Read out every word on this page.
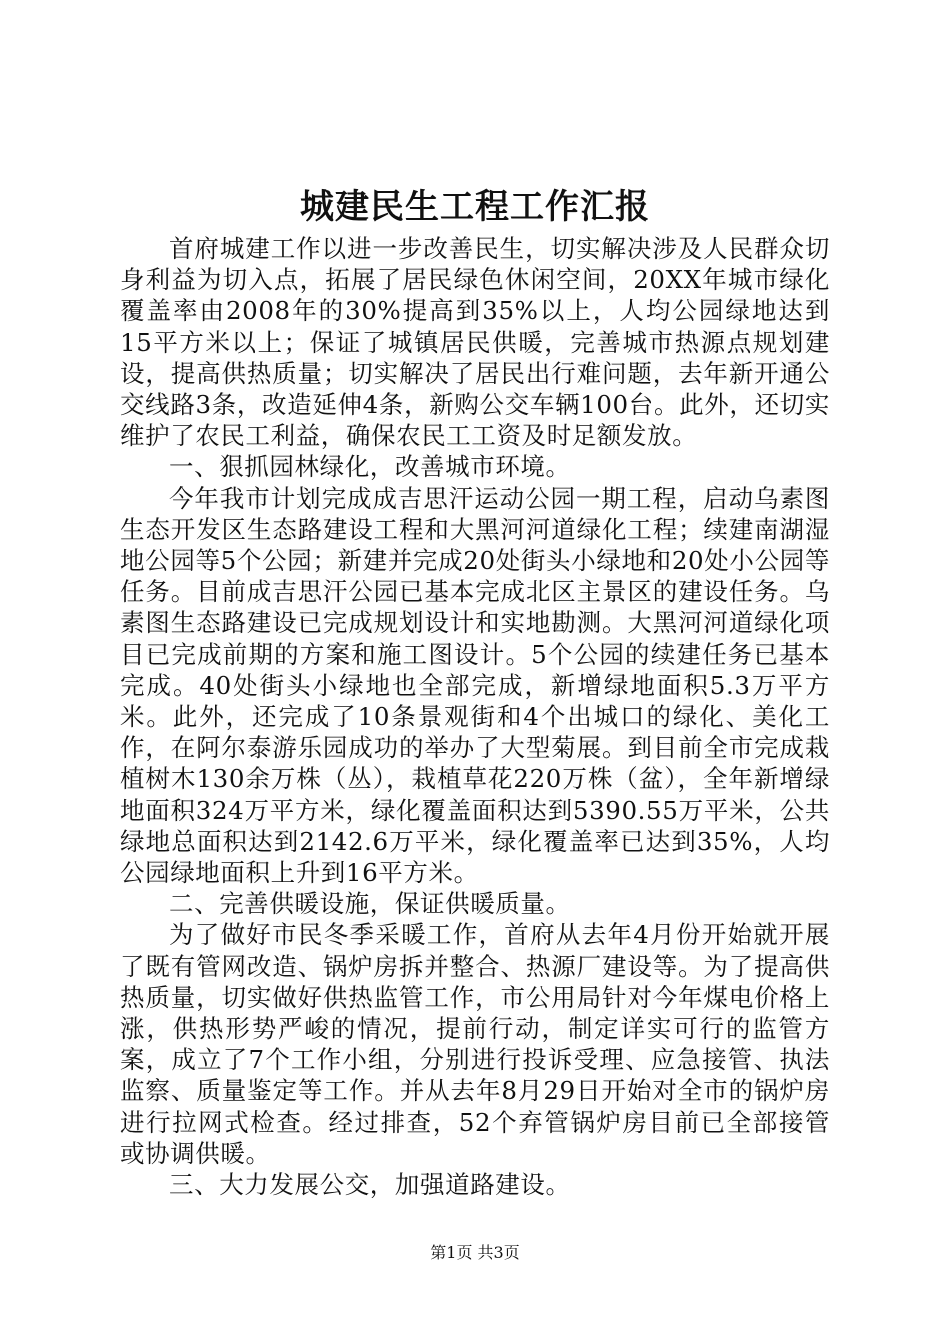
城建民生工程工作汇报

首府城建工作以进一步改善民生，切实解决涉及人民群众切身利益为切入点，拓展了居民绿色休闲空间，20XX年城市绿化覆盖率由2008年的30%提高到35%以上，人均公园绿地达到15平方米以上；保证了城镇居民供暖，完善城市热源点规划建设，提高供热质量；切实解决了居民出行难问题，去年新开通公交线路3条，改造延伸4条，新购公交车辆100台。此外，还切实维护了农民工利益，确保农民工工资及时足额发放。

一、狠抓园林绿化，改善城市环境。

今年我市计划完成成吉思汗运动公园一期工程，启动乌素图生态开发区生态路建设工程和大黑河河道绿化工程；续建南湖湿地公园等5个公园；新建并完成20处街头小绿地和20处小公园等任务。目前成吉思汗公园已基本完成北区主景区的建设任务。乌素图生态路建设已完成规划设计和实地勘测。大黑河河道绿化项目已完成前期的方案和施工图设计。5个公园的续建任务已基本完成。40处街头小绿地也全部完成，新增绿地面积5.3万平方米。此外，还完成了10条景观街和4个出城口的绿化、美化工作，在阿尔泰游乐园成功的举办了大型菊展。到目前全市完成栽植树木130余万株（丛），栽植草花220万株（盆），全年新增绿地面积324万平方米，绿化覆盖面积达到5390.55万平米，公共绿地总面积达到2142.6万平米，绿化覆盖率已达到35%，人均公园绿地面积上升到16平方米。

二、完善供暖设施，保证供暖质量。

为了做好市民冬季采暖工作，首府从去年4月份开始就开展了既有管网改造、锅炉房拆并整合、热源厂建设等。为了提高供热质量，切实做好供热监管工作，市公用局针对今年煤电价格上涨，供热形势严峻的情况，提前行动，制定详实可行的监管方案，成立了7个工作小组，分别进行投诉受理、应急接管、执法监察、质量鉴定等工作。并从去年8月29日开始对全市的锅炉房进行拉网式检查。经过排查，52个弃管锅炉房目前已全部接管或协调供暖。

三、大力发展公交，加强道路建设。

第1页 共3页
